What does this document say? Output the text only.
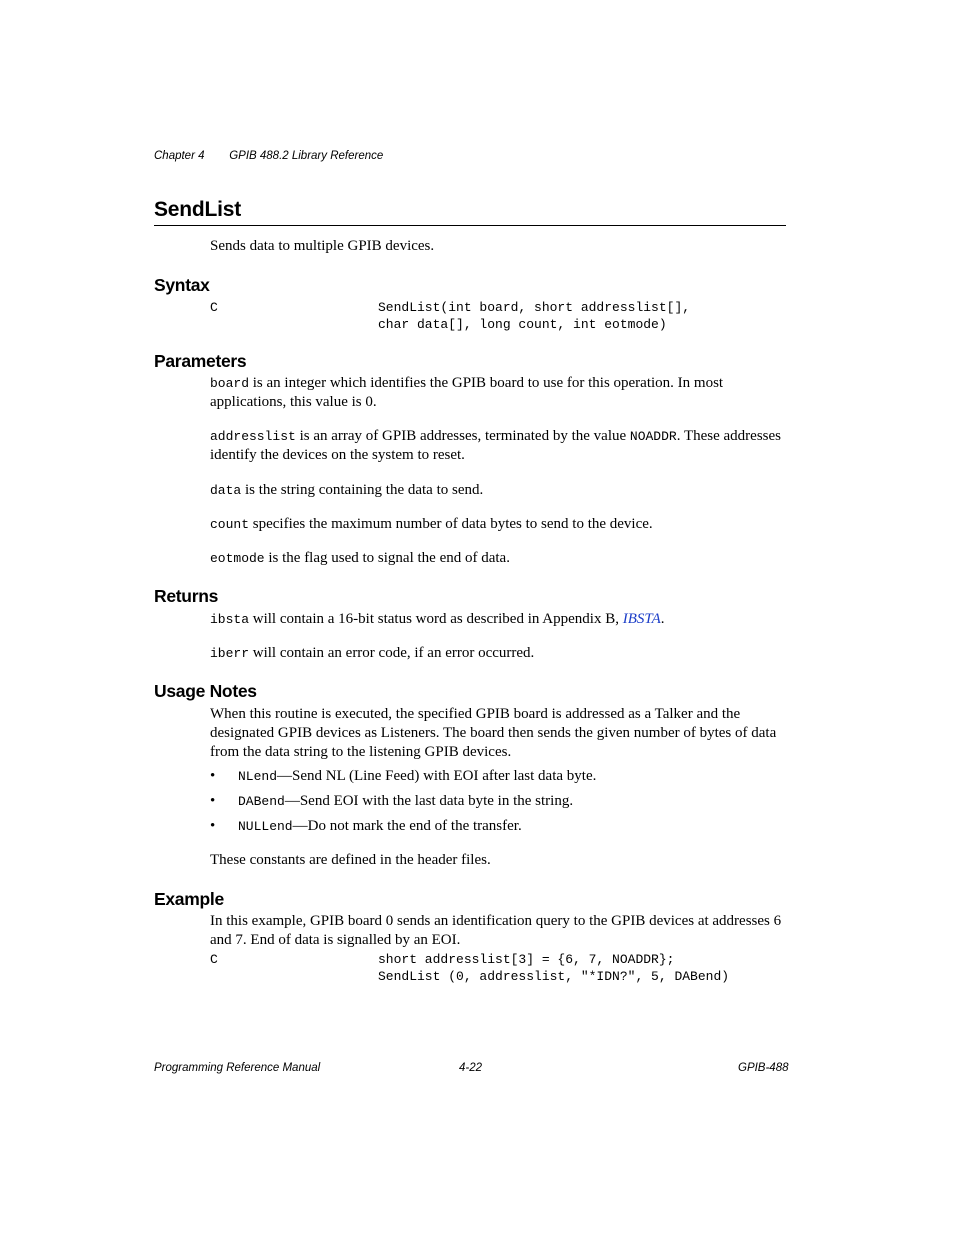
Chapter 4 GPIB 488.2 Library Reference
SendList
Sends data to multiple GPIB devices.
Syntax
C	SendList(int board, short addresslist[],
char data[], long count, int eotmode)
Parameters
board is an integer which identifies the GPIB board to use for this operation. In most applications, this value is 0.
addresslist is an array of GPIB addresses, terminated by the value NOADDR. These addresses identify the devices on the system to reset.
data is the string containing the data to send.
count specifies the maximum number of data bytes to send to the device.
eotmode is the flag used to signal the end of data.
Returns
ibsta will contain a 16-bit status word as described in Appendix B, IBSTA.
iberr will contain an error code, if an error occurred.
Usage Notes
When this routine is executed, the specified GPIB board is addressed as a Talker and the designated GPIB devices as Listeners. The board then sends the given number of bytes of data from the data string to the listening GPIB devices.
• NLend—Send NL (Line Feed) with EOI after last data byte.
• DABend—Send EOI with the last data byte in the string.
• NULLend—Do not mark the end of the transfer.
These constants are defined in the header files.
Example
In this example, GPIB board 0 sends an identification query to the GPIB devices at addresses 6 and 7. End of data is signalled by an EOI.
C	short addresslist[3] = {6, 7, NOADDR};
SendList (0, addresslist, "*IDN?", 5, DABend)
Programming Reference Manual	4-22	GPIB-488
